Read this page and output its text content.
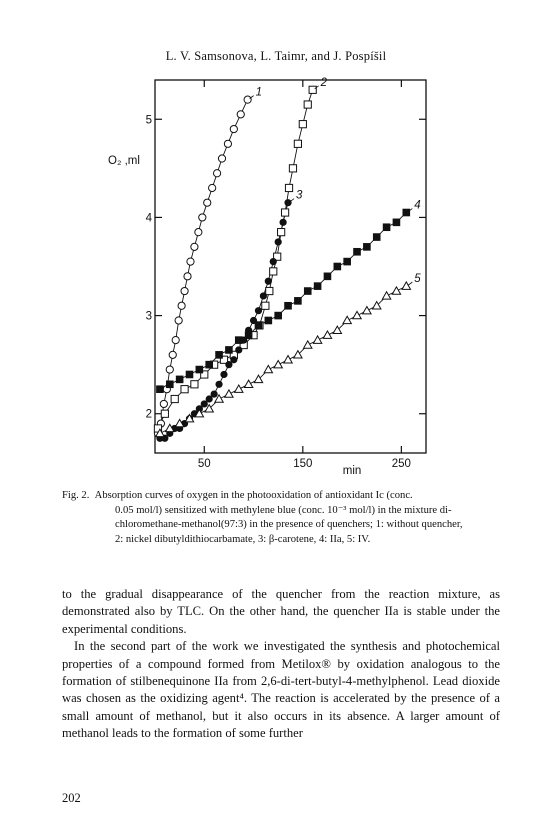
L. V. Samsonova, L. Taimr, and J. Pospíšil
50	150	250
2
3
4
5
O₂ ,ml
min
1
2
3
4
5
Fig. 2. Absorption curves of oxygen in the photooxidation of antioxidant Ic (conc.
0.05 mol/l) sensitized with methylene blue (conc. 10⁻³ mol/l) in the mixture di-
chloromethane-methanol(97:3) in the presence of quenchers; 1: without quencher,
2: nickel dibutyldithiocarbamate, 3: β-carotene, 4: IIa, 5: IV.

to the gradual disappearance of the quencher from the reaction mixture, as demonstrated also by TLC. On the other hand, the quencher IIa is stable under the experimental conditions.

In the second part of the work we investigated the synthesis and photochemical properties of a compound formed from Metilox® by oxidation analogous to the formation of stilbenequinone IIa from 2,6-di-tert-butyl-4-methylphenol. Lead dioxide was chosen as the oxidizing agent⁴. The reaction is accelerated by the presence of a small amount of methanol, but it also occurs in its absence. A larger amount of methanol leads to the formation of some further

202
